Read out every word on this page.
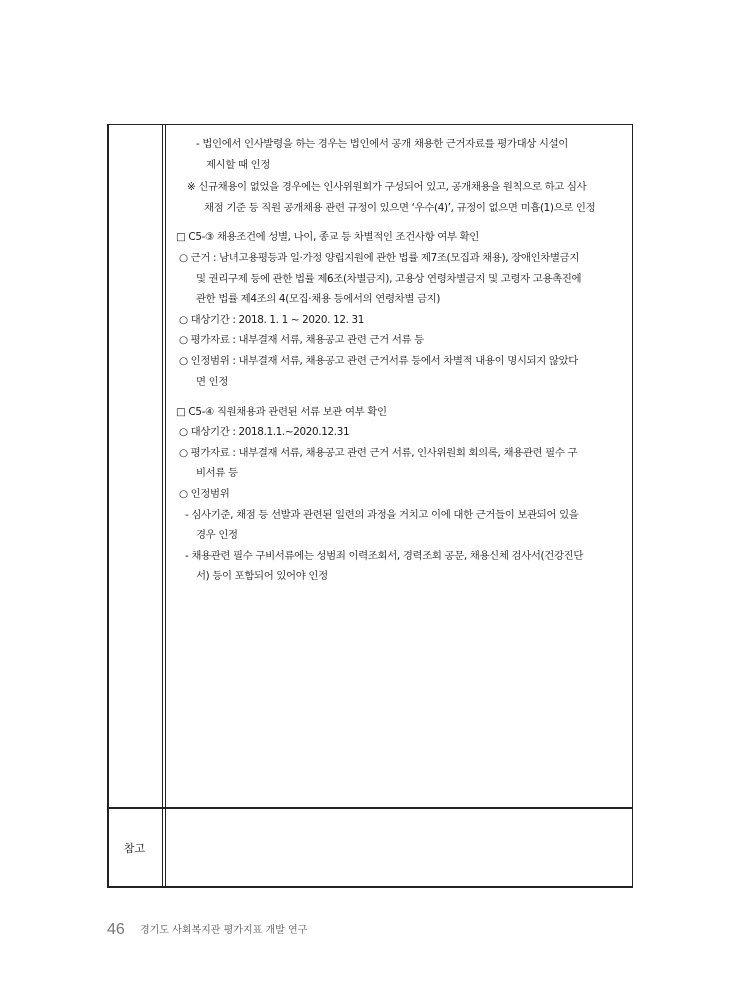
- 법인에서 인사발령을 하는 경우는 법인에서 공개 채용한 근거자료를 평가대상 시설이
제시할 때 인정
※ 신규채용이 없었을 경우에는 인사위원회가 구성되어 있고, 공개채용을 원칙으로 하고 심사
채점 기준 등 직원 공개채용 관련 규정이 있으면 ‘우수(4)’, 규정이 없으면 미흡(1)으로 인정
□ C5-③ 채용조건에 성별, 나이, 종교 등 차별적인 조건사항 여부 확인
○ 근거 : 남녀고용평등과 일·가정 양립지원에 관한 법률 제7조(모집과 채용), 장애인차별금지
및 권리구제 등에 관한 법률 제6조(차별금지), 고용상 연령차별금지 및 고령자 고용촉진에
관한 법률 제4조의 4(모집·채용 등에서의 연령차별 금지)
○ 대상기간 : 2018. 1. 1 ~ 2020. 12. 31
○ 평가자료 : 내부결재 서류, 채용공고 관련 근거 서류 등
○ 인정범위 : 내부결재 서류, 채용공고 관련 근거서류 등에서 차별적 내용이 명시되지 않았다
면 인정
□ C5-④ 직원채용과 관련된 서류 보관 여부 확인
○ 대상기간 : 2018.1.1.~2020.12.31
○ 평가자료 : 내부결재 서류, 채용공고 관련 근거 서류, 인사위원회 회의록, 채용관련 필수 구
비서류 등
○ 인정범위
- 심사기준, 채점 등 선발과 관련된 일련의 과정을 거치고 이에 대한 근거들이 보관되어 있을
경우 인정
- 채용관련 필수 구비서류에는 성범죄 이력조회서, 경력조회 공문, 채용신체 검사서(건강진단
서) 등이 포함되어 있어야 인정
참고
46 경기도 사회복지관 평가지표 개발 연구
